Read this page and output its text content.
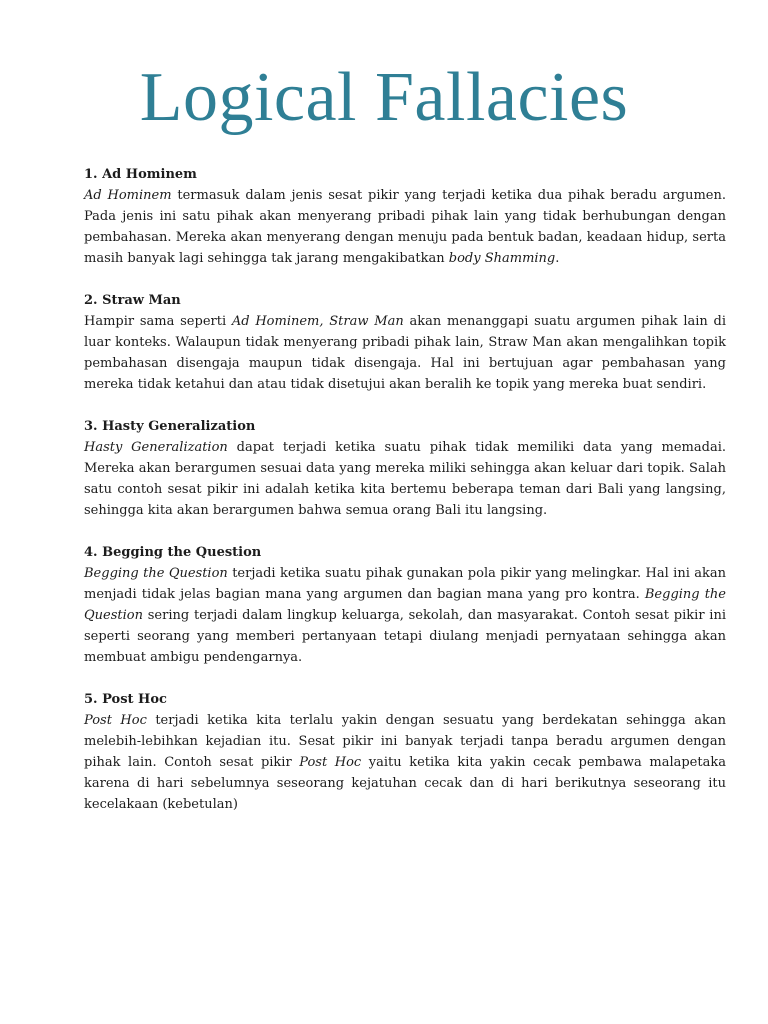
Logical Fallacies

1. Ad Hominem

Ad Hominem termasuk dalam jenis sesat pikir yang terjadi ketika dua pihak beradu argumen. Pada jenis ini satu pihak akan menyerang pribadi pihak lain yang tidak berhubungan dengan pembahasan. Mereka akan menyerang dengan menuju pada bentuk badan, keadaan hidup, serta masih banyak lagi sehingga tak jarang mengakibatkan body Shamming.

2. Straw Man

Hampir sama seperti Ad Hominem, Straw Man akan menanggapi suatu argumen pihak lain di luar konteks. Walaupun tidak menyerang pribadi pihak lain, Straw Man akan mengalihkan topik pembahasan disengaja maupun tidak disengaja. Hal ini bertujuan agar pembahasan yang mereka tidak ketahui dan atau tidak disetujui akan beralih ke topik yang mereka buat sendiri.

3. Hasty Generalization

Hasty Generalization dapat terjadi ketika suatu pihak tidak memiliki data yang memadai. Mereka akan berargumen sesuai data yang mereka miliki sehingga akan keluar dari topik. Salah satu contoh sesat pikir ini adalah ketika kita bertemu beberapa teman dari Bali yang langsing, sehingga kita akan berargumen bahwa semua orang Bali itu langsing.

4. Begging the Question

Begging the Question terjadi ketika suatu pihak gunakan pola pikir yang melingkar. Hal ini akan menjadi tidak jelas bagian mana yang argumen dan bagian mana yang pro kontra. Begging the Question sering terjadi dalam lingkup keluarga, sekolah, dan masyarakat. Contoh sesat pikir ini seperti seorang yang memberi pertanyaan tetapi diulang menjadi pernyataan sehingga akan membuat ambigu pendengarnya.

5. Post Hoc

Post Hoc terjadi ketika kita terlalu yakin dengan sesuatu yang berdekatan sehingga akan melebih-lebihkan kejadian itu. Sesat pikir ini banyak terjadi tanpa beradu argumen dengan pihak lain. Contoh sesat pikir Post Hoc yaitu ketika kita yakin cecak pembawa malapetaka karena di hari sebelumnya seseorang kejatuhan cecak dan di hari berikutnya seseorang itu kecelakaan (kebetulan)
